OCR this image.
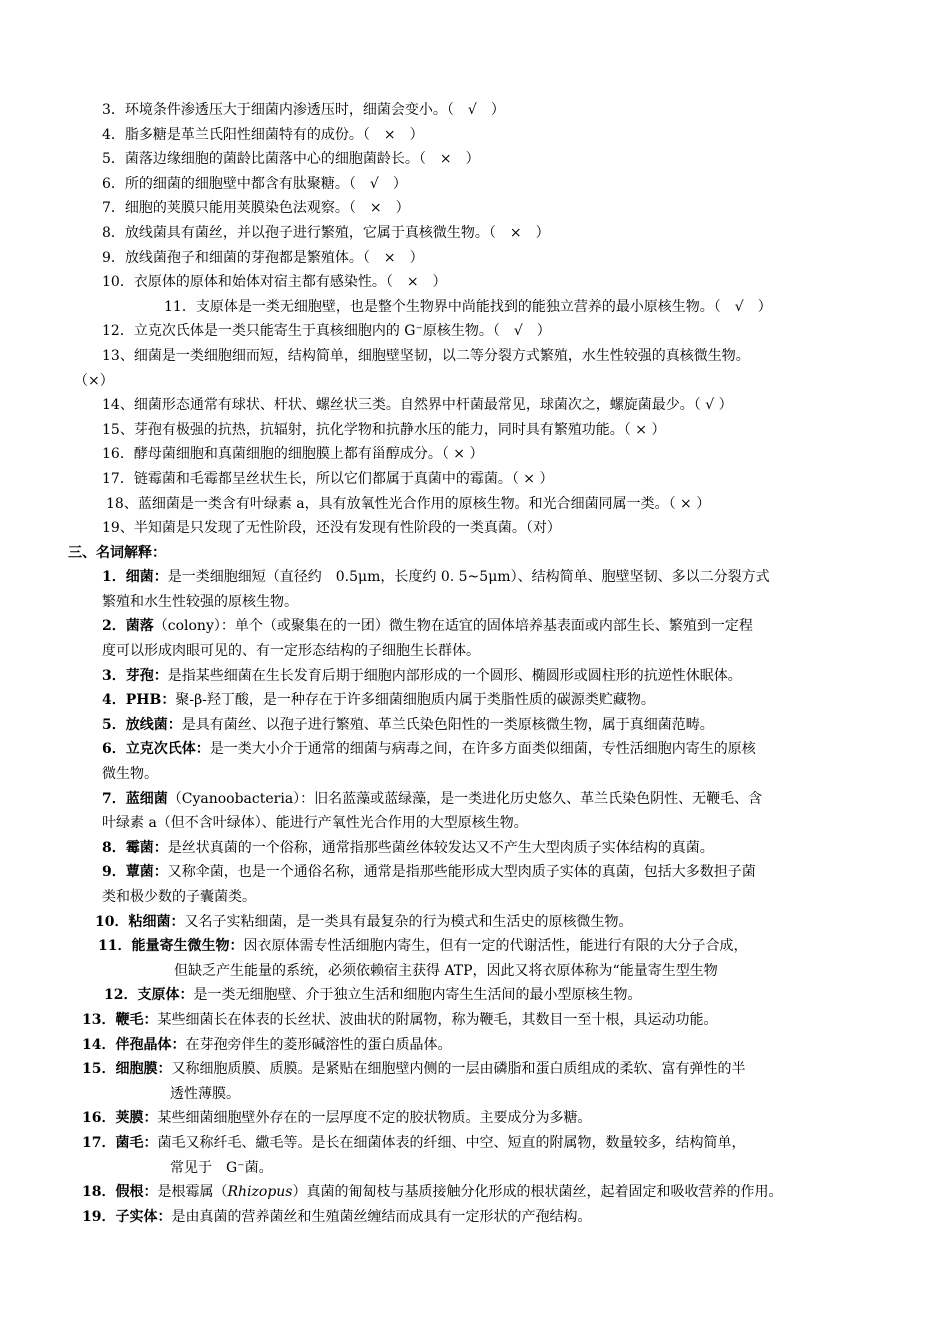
3．环境条件渗透压大于细菌内渗透压时，细菌会变小。（　√　）
4．脂多糖是革兰氏阳性细菌特有的成份。（　×　）
5．菌落边缘细胞的菌龄比菌落中心的细胞菌龄长。（　×　）
6．所的细菌的细胞壁中都含有肽聚糖。（　√　）
7．细胞的荚膜只能用荚膜染色法观察。（　×　）
8．放线菌具有菌丝，并以孢子进行繁殖，它属于真核微生物。（　×　）
9．放线菌孢子和细菌的芽孢都是繁殖体。（　×　）
10．衣原体的原体和始体对宿主都有感染性。（　×　）
11．支原体是一类无细胞壁，也是整个生物界中尚能找到的能独立营养的最小原核生物。（　√　）
12．立克次氏体是一类只能寄生于真核细胞内的 G⁻原核生物。（　√　）
13、细菌是一类细胞细而短，结构简单，细胞壁坚韧，以二等分裂方式繁殖，水生性较强的真核微生物。
（×）
14、细菌形态通常有球状、杆状、螺丝状三类。自然界中杆菌最常见，球菌次之，螺旋菌最少。（ √ ）
15、芽孢有极强的抗热，抗辐射，抗化学物和抗静水压的能力，同时具有繁殖功能。（ × ）
16．酵母菌细胞和真菌细胞的细胞膜上都有甾醇成分。（ × ）
17．链霉菌和毛霉都呈丝状生长，所以它们都属于真菌中的霉菌。（ × ）
18、蓝细菌是一类含有叶绿素 a，具有放氧性光合作用的原核生物。和光合细菌同属一类。（ × ）
19、半知菌是只发现了无性阶段，还没有发现有性阶段的一类真菌。（对）
三、名词解释：
1．细菌：是一类细胞细短（直径约　0.5μm，长度约 0. 5~5μm）、结构简单、胞壁坚韧、多以二分裂方式
繁殖和水生性较强的原核生物。
2．菌落（colony）：单个（或聚集在的一团）微生物在适宜的固体培养基表面或内部生长、繁殖到一定程
度可以形成肉眼可见的、有一定形态结构的子细胞生长群体。
3．芽孢：是指某些细菌在生长发育后期于细胞内部形成的一个圆形、椭圆形或圆柱形的抗逆性休眠体。
4．PHB：聚-β-羟丁酸，是一种存在于许多细菌细胞质内属于类脂性质的碳源类贮藏物。
5．放线菌：是具有菌丝、以孢子进行繁殖、革兰氏染色阳性的一类原核微生物，属于真细菌范畴。
6．立克次氏体：是一类大小介于通常的细菌与病毒之间，在许多方面类似细菌，专性活细胞内寄生的原核
微生物。
7．蓝细菌（Cyanoobacteria）：旧名蓝藻或蓝绿藻，是一类进化历史悠久、革兰氏染色阴性、无鞭毛、含
叶绿素 a（但不含叶绿体）、能进行产氧性光合作用的大型原核生物。
8．霉菌：是丝状真菌的一个俗称，通常指那些菌丝体较发达又不产生大型肉质子实体结构的真菌。
9．蕈菌：又称伞菌，也是一个通俗名称，通常是指那些能形成大型肉质子实体的真菌，包括大多数担子菌
类和极少数的子囊菌类。
10．粘细菌：又名子实粘细菌，是一类具有最复杂的行为模式和生活史的原核微生物。
11．能量寄生微生物：因衣原体需专性活细胞内寄生，但有一定的代谢活性，能进行有限的大分子合成，
但缺乏产生能量的系统，必须依赖宿主获得 ATP，因此又将衣原体称为“能量寄生型生物
12．支原体：是一类无细胞壁、介于独立生活和细胞内寄生生活间的最小型原核生物。
13．鞭毛：某些细菌长在体表的长丝状、波曲状的附属物，称为鞭毛，其数目一至十根，具运动功能。
14．伴孢晶体：在芽孢旁伴生的菱形碱溶性的蛋白质晶体。
15．细胞膜：又称细胞质膜、质膜。是紧贴在细胞壁内侧的一层由磷脂和蛋白质组成的柔软、富有弹性的半
透性薄膜。
16．荚膜：某些细菌细胞壁外存在的一层厚度不定的胶状物质。主要成分为多糖。
17．菌毛：菌毛又称纤毛、繖毛等。是长在细菌体表的纤细、中空、短直的附属物，数量较多，结构简单，
常见于　G⁻菌。
18．假根：是根霉属（Rhizopus）真菌的匍匐枝与基质接触分化形成的根状菌丝，起着固定和吸收营养的作用。
19．子实体：是由真菌的营养菌丝和生殖菌丝缠结而成具有一定形状的产孢结构。
